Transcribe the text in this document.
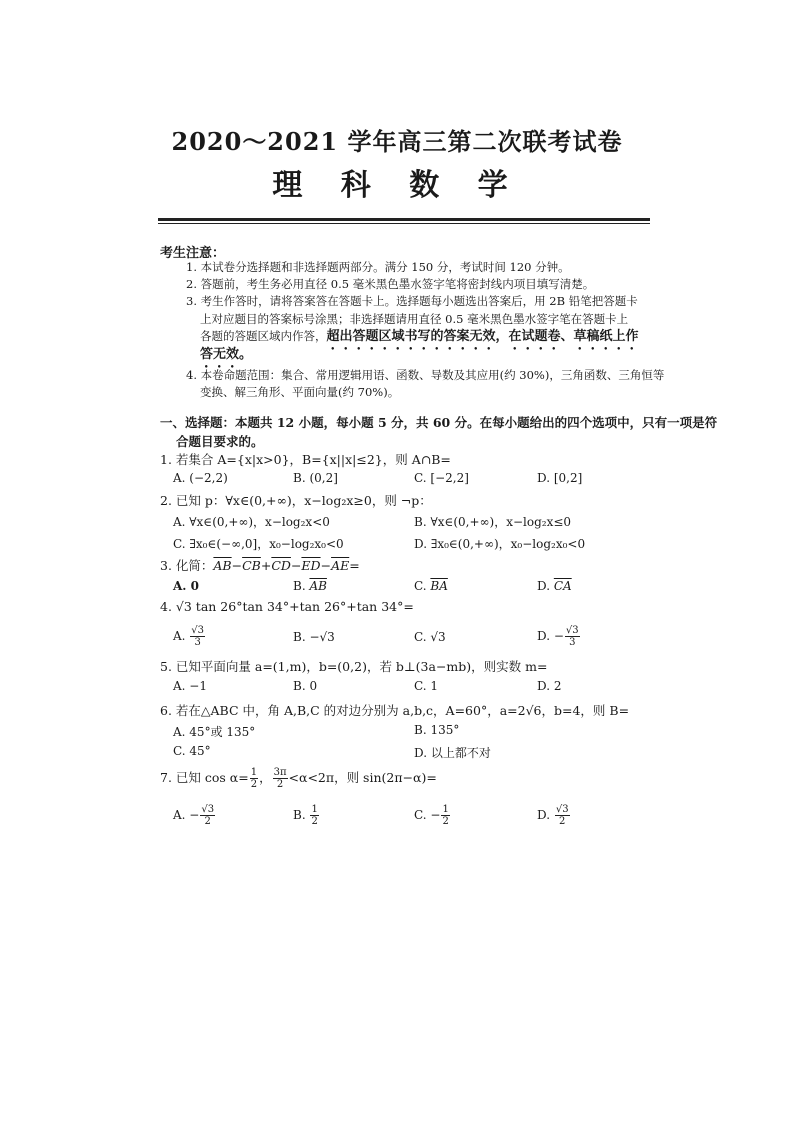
2020～2021 学年高三第二次联考试卷
理 科 数 学
考生注意：
1. 本试卷分选择题和非选择题两部分。满分 150 分，考试时间 120 分钟。
2. 答题前，考生务必用直径 0.5 毫米黑色墨水签字笔将密封线内项目填写清楚。
3. 考生作答时，请将答案答在答题卡上。选择题每小题选出答案后，用 2B 铅笔把答题卡
上对应题目的答案标号涂黑；非选择题请用直径 0.5 毫米黑色墨水签字笔在答题卡上
各题的答题区域内作答，超出答题区域书写的答案无效，在试题卷、草稿纸上作
答无效。
4. 本卷命题范围：集合、常用逻辑用语、函数、导数及其应用(约 30%)，三角函数、三角恒等
变换、解三角形、平面向量(约 70%)。
一、选择题：本题共 12 小题，每小题 5 分，共 60 分。在每小题给出的四个选项中，只有一项是符
合题目要求的。
1. 若集合 A={x|x>0}，B={x||x|≤2}，则 A∩B=
A. (−2,2)	B. (0,2]	C. [−2,2]	D. [0,2]
2. 已知 p：∀x∈(0,+∞)，x−log₂x≥0，则 ¬p：
A. ∀x∈(0,+∞)，x−log₂x<0	B. ∀x∈(0,+∞)，x−log₂x≤0
C. ∃x₀∈(−∞,0]，x₀−log₂x₀<0	D. ∃x₀∈(0,+∞)，x₀−log₂x₀<0
3. 化简：$\overline{AB}-\overline{CB}+\overline{CD}-\overline{ED}-\overline{AE}=$
A. 0	B. $\overline{AB}$	C. $\overline{BA}$	D. $\overline{CA}$
4. √3 tan 26°tan 34°+tan 26°+tan 34°=
A. $\frac{√3}{3}$	B. −√3	C. √3	D. − $\frac{√3}{3}$
5. 已知平面向量 a=(1,m)，b=(0,2)，若 b⊥(3a−mb)，则实数 m=
A. −1	B. 0	C. 1	D. 2
6. 若在△ABC 中，角 A,B,C 的对边分别为 a,b,c，A=60°，a=2√6，b=4，则 B=
A. 45°或 135°	B. 135°
C. 45°	D. 以上都不对
7. 已知 $\cos \alpha= \frac{1}{2}$ ， $\frac{3\pi}{2} <\alpha<2\pi$，则 sin(2π−α)=
A. − $\frac{√3}{2}$	B. $\frac{1}{2}$	C. − $\frac{1}{2}$	D. $\frac{√3}{2}$
